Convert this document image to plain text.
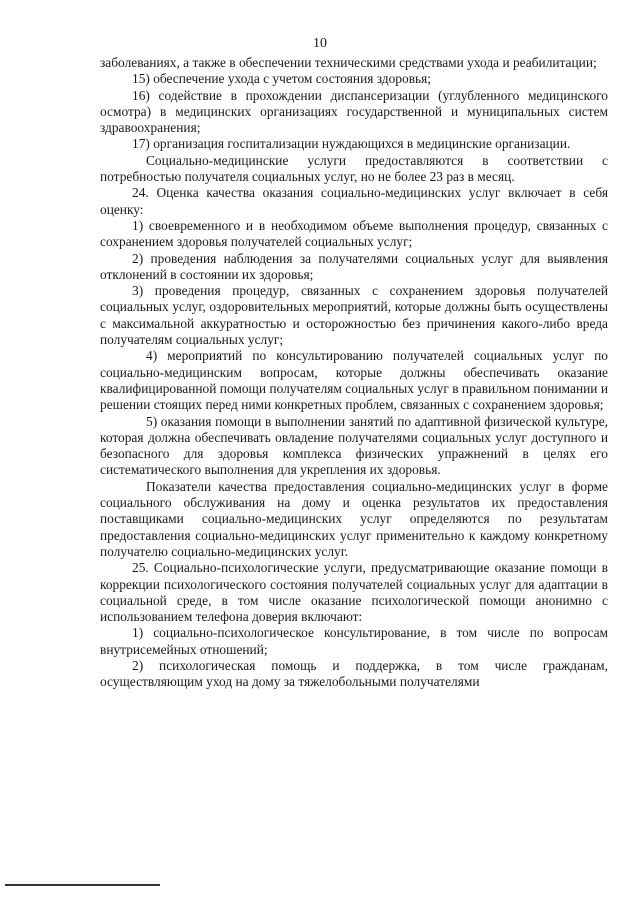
10

заболеваниях, а также в обеспечении техническими средствами ухода и реабилитации;

15) обеспечение ухода с учетом состояния здоровья;

16) содействие в прохождении диспансеризации (углубленного медицинского осмотра) в медицинских организациях государственной и муниципальных систем здравоохранения;

17) организация госпитализации нуждающихся в медицинские организации.

Социально-медицинские услуги предоставляются в соответствии с потребностью получателя социальных услуг, но не более 23 раз в месяц.

24. Оценка качества оказания социально-медицинских услуг включает в себя оценку:

1) своевременного и в необходимом объеме выполнения процедур, связанных с сохранением здоровья получателей социальных услуг;

2) проведения наблюдения за получателями социальных услуг для выявления отклонений в состоянии их здоровья;

3) проведения процедур, связанных с сохранением здоровья получателей социальных услуг, оздоровительных мероприятий, которые должны быть осуществлены с максимальной аккуратностью и осторожностью без причинения какого-либо вреда получателям социальных услуг;

4) мероприятий по консультированию получателей социальных услуг по социально-медицинским вопросам, которые должны обеспечивать оказание квалифицированной помощи получателям социальных услуг в правильном понимании и решении стоящих перед ними конкретных проблем, связанных с сохранением здоровья;

5) оказания помощи в выполнении занятий по адаптивной физической культуре, которая должна обеспечивать овладение получателями социальных услуг доступного и безопасного для здоровья комплекса физических упражнений в целях его систематического выполнения для укрепления их здоровья.

Показатели качества предоставления социально-медицинских услуг в форме социального обслуживания на дому и оценка результатов их предоставления поставщиками социально-медицинских услуг определяются по результатам предоставления социально-медицинских услуг применительно к каждому конкретному получателю социально-медицинских услуг.

25. Социально-психологические услуги, предусматривающие оказание помощи в коррекции психологического состояния получателей социальных услуг для адаптации в социальной среде, в том числе оказание психологической помощи анонимно с использованием телефона доверия включают:

1) социально-психологическое консультирование, в том числе по вопросам внутрисемейных отношений;

2) психологическая помощь и поддержка, в том числе гражданам, осуществляющим уход на дому за тяжелобольными получателями
